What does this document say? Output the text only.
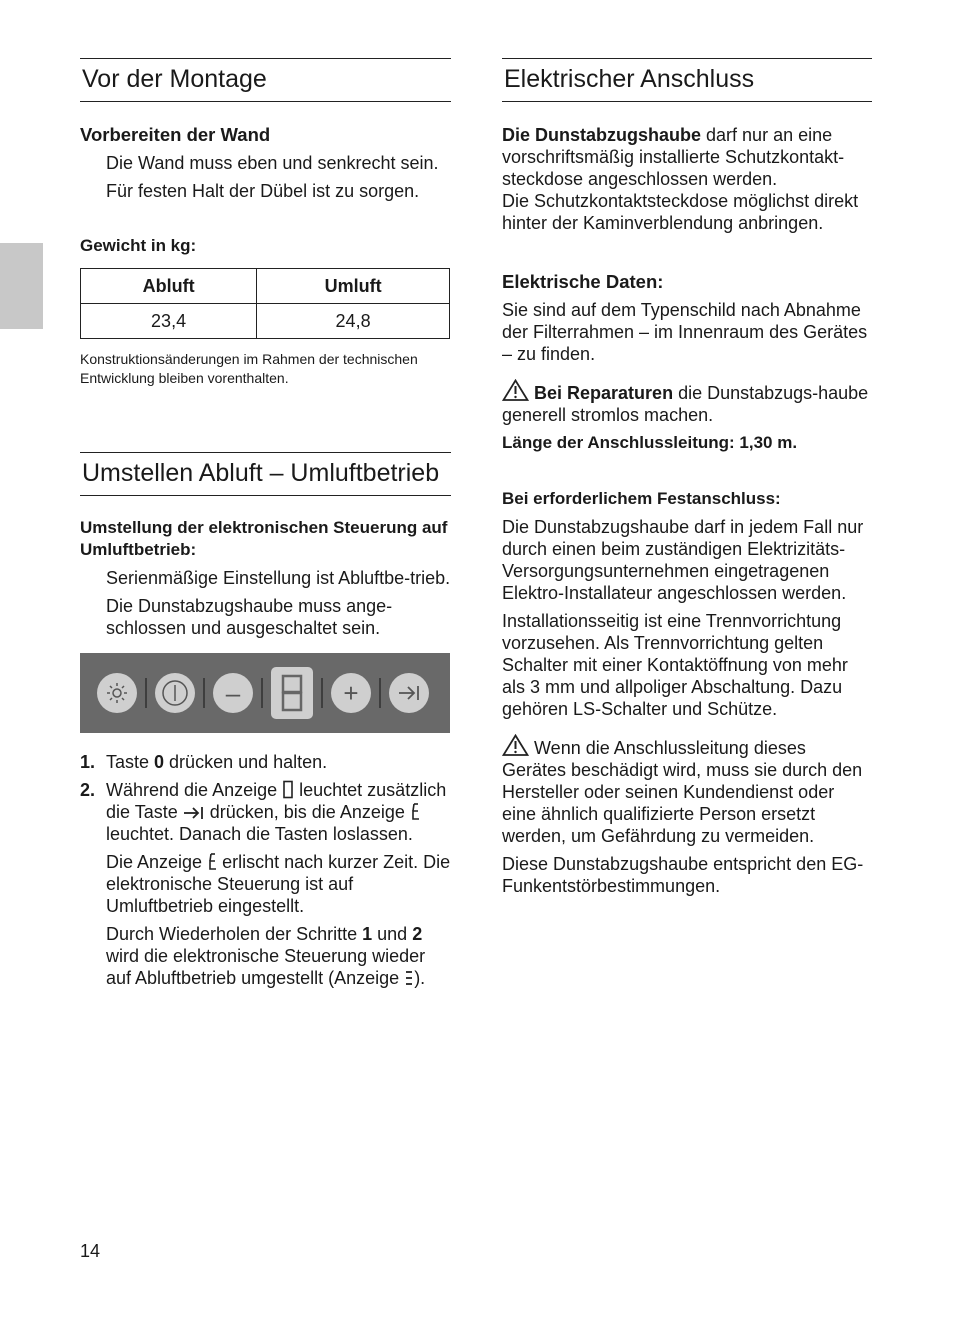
Vor der Montage
Vorbereiten der Wand
Die Wand muss eben und senkrecht sein.
Für festen Halt der Dübel ist zu sorgen.
Gewicht in kg:
Abluft	Umluft
23,4	24,8
Konstruktionsänderungen im Rahmen der technischen Entwicklung bleiben vorenthalten.
Umstellen Abluft – Umluftbetrieb
Umstellung der elektronischen Steuerung auf Umluftbetrieb:
Serienmäßige Einstellung ist Abluftbe-trieb.
Die Dunstabzugshaube muss ange-schlossen und ausgeschaltet sein.
–	+
1. Taste 0 drücken und halten.
2. Während die Anzeige  leuchtet zusätzlich die Taste  drücken, bis die Anzeige  leuchtet. Danach die Tasten loslassen.
Die Anzeige  erlischt nach kurzer Zeit. Die elektronische Steuerung ist auf Umluftbetrieb eingestellt.
Durch Wiederholen der Schritte 1 und 2 wird die elektronische Steuerung wieder auf Abluftbetrieb umgestellt (Anzeige ).
Elektrischer Anschluss
Die Dunstabzugshaube darf nur an eine vorschriftsmäßig installierte Schutzkontakt-steckdose angeschlossen werden.
Die Schutzkontaktsteckdose möglichst direkt hinter der Kaminverblendung anbringen.
Elektrische Daten:
Sie sind auf dem Typenschild nach Abnahme der Filterrahmen – im Innenraum des Gerätes – zu finden.
Bei Reparaturen die Dunstabzugs-haube generell stromlos machen.
Länge der Anschlussleitung: 1,30 m.
Bei erforderlichem Festanschluss:
Die Dunstabzugshaube darf in jedem Fall nur durch einen beim zuständigen Elektrizitäts-Versorgungsunternehmen eingetragenen Elektro-Installateur angeschlossen werden.
Installationsseitig ist eine Trennvorrichtung vorzusehen. Als Trennvorrichtung gelten Schalter mit einer Kontaktöffnung von mehr als 3 mm und allpoliger Abschaltung. Dazu gehören LS-Schalter und Schütze.
Wenn die Anschlussleitung dieses Gerätes beschädigt wird, muss sie durch den Hersteller oder seinen Kundendienst oder eine ähnlich qualifizierte Person ersetzt werden, um Gefährdung zu vermeiden.
Diese Dunstabzugshaube entspricht den EG-Funkentstörbestimmungen.
14
